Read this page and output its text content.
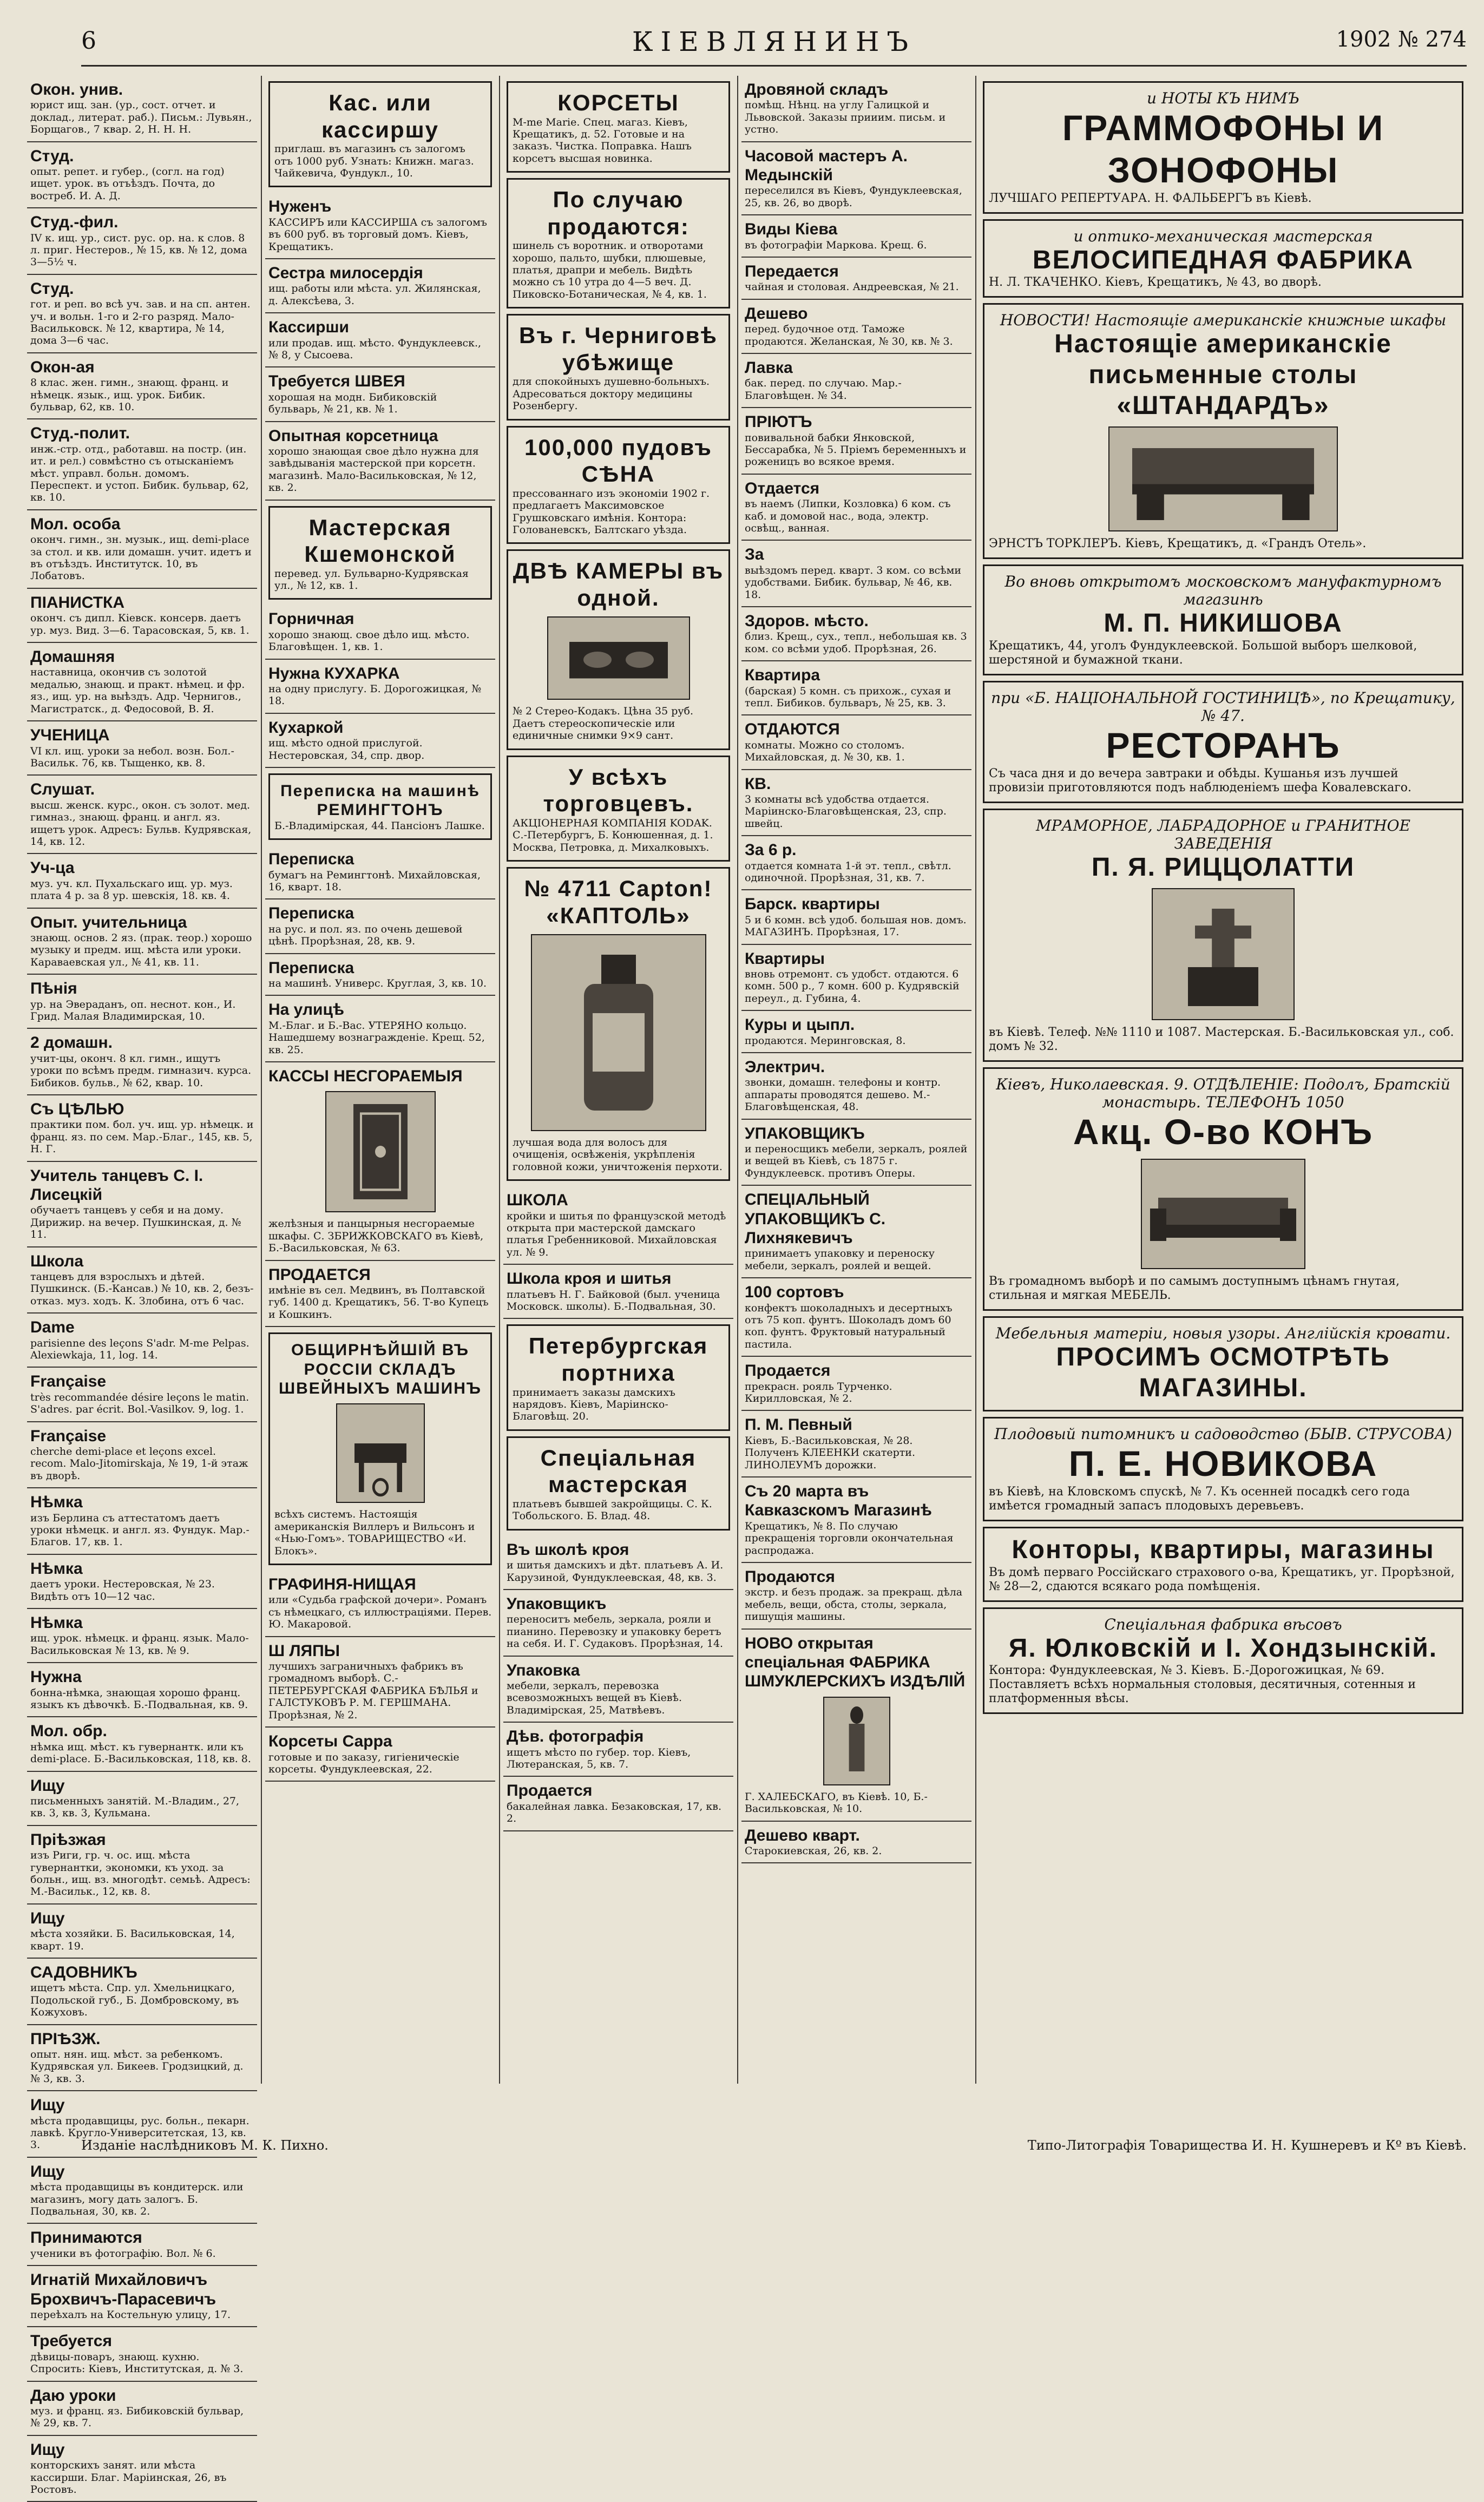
6	КІЕВЛЯНИНЪ	1902 № 274
Окон. унив.
юрист ищ. зан. (ур., сост. отчет. и доклад., литерат. раб.). Письм.: Лувьян., Борщагов., 7 квар. 2, Н. Н. Н.
Студ.
опыт. репет. и губер., (согл. на год) ищет. урок. въ отъѣздъ. Почта, до востреб. И. А. Д.
Студ.-фил.
IV к. ищ. ур., сист. рус. ор. на. к слов. 8 л. приг. Нестеров., № 15, кв. № 12, дома 3—5½ ч.
Студ.
гот. и реп. во всѣ уч. зав. и на сп. антен. уч. и вольн. 1-го и 2-го разряд. Мало-Васильковск. № 12, квартира, № 14, дома 3—6 час.
Окон-ая
8 клас. жен. гимн., знающ. франц. и нѣмецк. язык., ищ. урок. Бибик. бульвар, 62, кв. 10.
Студ.-полит.
инж.-стр. отд., работавш. на постр. (ин. ит. и рел.) совмѣстно съ отысканіемъ мѣст. управл. больн. домомъ. Переспект. и устоп. Бибик. бульвар, 62, кв. 10.
Мол. особа
оконч. гимн., зн. музык., ищ. demi-place за стол. и кв. или домашн. учит. идетъ и въ отъѣздъ. Институтск. 10, въ Лобатовъ.
ПІАНИСТКА
оконч. съ дипл. Кіевск. консерв. даетъ ур. муз. Вид. 3—6. Тарасовская, 5, кв. 1.
Домашняя
наставница, окончив съ золотой медалью, знающ. и практ. нѣмец. и фр. яз., ищ. ур. на выѣздъ. Адр. Чернигов., Магистратск., д. Федосовой, В. Я.
УЧЕНИЦА
VI кл. ищ. уроки за небол. возн. Бол.-Васильк. 76, кв. Тыщенко, кв. 8.
Слушат.
высш. женск. курс., окон. съ золот. мед. гимназ., знающ. франц. и англ. яз. ищетъ урок. Адресъ: Бульв. Кудрявская, 14, кв. 12.
Уч-ца
муз. уч. кл. Пухальскаго ищ. ур. муз. плата 4 р. за 8 ур. шевскія, 18. кв. 4.
Опыт. учительница
знающ. основ. 2 яз. (прак. теор.) хорошо музыку и предм. ищ. мѣста или уроки. Караваевская ул., № 41, кв. 11.
Пѣнія
ур. на Эвераданъ, оп. неснот. кон., И. Грид. Малая Владимирская, 10.
2 домашн.
учит-цы, оконч. 8 кл. гимн., ищутъ уроки по всѣмъ предм. гимназич. курса. Бибиков. бульв., № 62, квар. 10.
Съ ЦѢЛЬЮ
практики пом. бол. уч. ищ. ур. нѣмецк. и франц. яз. по сем. Мар.-Благ., 145, кв. 5, Н. Г.
Учитель танцевъ С. І. Лисецкій
обучаетъ танцевъ у себя и на дому. Дирижир. на вечер. Пушкинская, д. № 11.
Школа
танцевъ для взрослыхъ и дѣтей. Пушкинск. (Б.-Кансав.) № 10, кв. 2, безъ-отказ. муз. ходъ. К. Злобина, отъ 6 час.
Dame
parisienne des leçons S'adr. M-me Pelpas. Alexiewkaja, 11, log. 14.
Française
très recommandée désire leçons le matin. S'adres. par écrit. Bol.-Vasilkov. 9, log. 1.
Française
cherche demi-place et leçons excel. recom. Malo-Jitomirskaja, № 19, 1-й этаж въ дворѣ.
Нѣмка
изъ Берлина съ аттестатомъ даетъ уроки нѣмецк. и англ. яз. Фундук. Мар.-Благов. 17, кв. 1.
Нѣмка
даетъ уроки. Нестеровская, № 23. Видѣть отъ 10—12 час.
Нѣмка
ищ. урок. нѣмецк. и франц. язык. Мало-Васильковская № 13, кв. № 9.
Нужна
бонна-нѣмка, знающая хорошо франц. языкъ къ дѣвочкѣ. Б.-Подвальная, кв. 9.
Мол. обр.
нѣмка ищ. мѣст. къ гувернантк. или къ demi-place. Б.-Васильковская, 118, кв. 8.
Ищу
письменныхъ занятій. М.-Владим., 27, кв. 3, кв. 3, Кульмана.
Прiѣзжая
изъ Риги, гр. ч. ос. ищ. мѣста гувернантки, экономки, къ уход. за больн., ищ. вз. многодѣт. семьѣ. Адресъ: М.-Васильк., 12, кв. 8.
Ищу
мѣста хозяйки. Б. Васильковская, 14, кварт. 19.
САДОВНИКЪ
ищетъ мѣста. Спр. ул. Хмельницкаго, Подольской губ., Б. Домбровскому, въ Кожуховъ.
ПРІѢЗЖ.
опыт. нян. ищ. мѣст. за ребенкомъ. Кудрявская ул. Бикеев. Гродзицкий, д. № 3, кв. 3.
Ищу
мѣста продавщицы, рус. больн., пекарн. лавкѣ. Кругло-Университетская, 13, кв. 3.
Ищу
мѣста продавщицы въ кондитерск. или магазинъ, могу дать залогъ. Б. Подвальная, 30, кв. 2.
Принимаются
ученики въ фотографію. Вол. № 6.
Игнатій Михайловичъ Брохвичъ-Парасевичъ
переѣхалъ на Костельную улицу, 17.
Требуется
дѣвицы-поваръ, знающ. кухню. Спросить: Кіевъ, Институтская, д. № 3.
Даю уроки
муз. и франц. яз. Бибиковскій бульвар, № 29, кв. 7.
Ищу
конторскихъ занят. или мѣста кассирши. Благ. Маріинская, 26, въ Ростовъ.
Кас. или кассиршу
приглаш. въ магазинъ съ залогомъ отъ 1000 руб. Узнать: Книжн. магаз. Чайкевича, Фундукл., 10.
Нуженъ
КАССИРЪ или КАССИРША съ залогомъ въ 600 руб. въ торговый домъ. Кіевъ, Крещатикъ.
Сестра милосердія
ищ. работы или мѣста. ул. Жилянская, д. Алексѣева, 3.
Кассирши
или продав. ищ. мѣсто. Фундуклеевск., № 8, у Сысоева.
Требуется ШВЕЯ
хорошая на модн. Бибиковскій бульварь, № 21, кв. № 1.
Опытная корсетница
хорошо знающая свое дѣло нужна для завѣдыванія мастерской при корсетн. магазинѣ. Мало-Васильковская, № 12, кв. 2.
Мастерская Кшемонской
перевед. ул. Бульварно-Кудрявская ул., № 12, кв. 1.
Горничная
хорошо знающ. свое дѣло ищ. мѣсто. Благовѣщен. 1, кв. 1.
Нужна КУХАРКА
на одну прислугу. Б. Дорогожицкая, № 18.
Кухаркой
ищ. мѣсто одной прислугой. Нестеровская, 34, спр. двор.
Переписка на машинѣ РЕМИНГТОНЪ
Б.-Владимірская, 44. Пансіонъ Лашке.
Переписка
бумагъ на Ремингтонѣ. Михайловская, 16, кварт. 18.
Переписка
на рус. и пол. яз. по очень дешевой цѣнѣ. Прорѣзная, 28, кв. 9.
Переписка
на машинѣ. Универс. Круглая, 3, кв. 10.
На улицѣ
М.-Благ. и Б.-Вас. УТЕРЯНО кольцо. Нашедшему вознагражденіе. Крещ. 52, кв. 25.
КАССЫ НЕСГОРАЕМЫЯ
желѣзныя и панцырныя несгораемые шкафы. С. ЗБРИЖКОВСКАГО въ Кіевѣ, Б.-Васильковская, № 63.
ПРОДАЕТСЯ
имѣніе въ сел. Медвинъ, въ Полтавской губ. 1400 д. Крещатикъ, 56. Т-во Купецъ и Кошкинъ.
ОБЩИРНѢЙШІЙ ВЪ РОССІИ СКЛАДЪ ШВЕЙНЫХЪ МАШИНЪ
всѣхъ системъ. Настоящія американскія Виллеръ и Вильсонъ и «Нью-Гомъ». ТОВАРИЩЕСТВО «И. Блокъ».
ГРАФИНЯ-НИЩАЯ
или «Судьба графской дочери». Романъ съ нѣмецкаго, съ иллюстраціями. Перев. Ю. Макаровой.
Ш ЛЯПЫ
лучшихъ заграничныхъ фабрикъ въ громадномъ выборѣ. С.-ПЕТЕРБУРГСКАЯ ФАБРИКА БѢЛЬЯ и ГАЛСТУКОВЪ Р. М. ГЕРШМАНА. Прорѣзная, № 2.
Корсеты Сарра
готовые и по заказу, гигіеническіе корсеты. Фундуклеевская, 22.
КОРСЕТЫ
M-me Marie. Спец. магаз. Кіевъ, Крещатикъ, д. 52. Готовые и на заказъ. Чистка. Поправка. Нашъ корсетъ высшая новинка.
По случаю продаются:
шинель съ воротник. и отворотами хорошо, пальто, шубки, плюшевые, платья, драпри и мебель. Видѣть можно съ 10 утра до 4—5 веч. Д. Пиковско-Ботаническая, № 4, кв. 1.
Въ г. Черниговѣ убѣжище
для спокойныхъ душевно-больныхъ. Адресоваться доктору медицины Розенбергу.
100,000 пудовъ СѢНА
прессованнаго изъ экономіи 1902 г. предлагаетъ Максимовское Грушковскаго имѣнія. Контора: Голованевскъ, Балтскаго уѣзда.
ДВѢ КАМЕРЫ въ одной.
№ 2 Стерео-Кодакъ. Цѣна 35 руб. Даетъ стереоскопическіе или единичные снимки 9×9 сант.
У всѣхъ торговцевъ.
АКЦІОНЕРНАЯ КОМПАНІЯ KODAK. С.-Петербургъ, Б. Конюшенная, д. 1. Москва, Петровка, д. Михалковыхъ.
№ 4711 Capton! «КАПТОЛЬ»
лучшая вода для волосъ для очищенія, освѣженія, укрѣпленія головной кожи, уничтоженія перхоти.
ШКОЛА
кройки и шитья по французской методѣ открыта при мастерской дамскаго платья Гребенниковой. Михайловская ул. № 9.
Школа кроя и шитья
платьевъ Н. Г. Байковой (был. ученица Московск. школы). Б.-Подвальная, 30.
Петербургская портниха
принимаетъ заказы дамскихъ нарядовъ. Кіевъ, Маріинско-Благовѣщ. 20.
Спеціальная мастерская
платьевъ бывшей закройщицы. С. К. Тобольского. Б. Влад. 48.
Въ школѣ кроя
и шитья дамскихъ и дѣт. платьевъ А. И. Карузиной, Фундуклеевская, 48, кв. 3.
Упаковщикъ
переноситъ мебель, зеркала, рояли и пианино. Перевозку и упаковку беретъ на себя. И. Г. Судаковъ. Прорѣзная, 14.
Упаковка
мебели, зеркалъ, перевозка всевозможныхъ вещей въ Кіевѣ. Владимірская, 25, Матвѣевъ.
Дѣв. фотографія
ищетъ мѣсто по губер. тор. Кіевъ, Лютеранская, 5, кв. 7.
Продается
бакалейная лавка. Безаковская, 17, кв. 2.
Дровяной складъ
помѣщ. Нѣнц. на углу Галицкой и Львовской. Заказы прииим. письм. и устно.
Часовой мастеръ А. Медынскій
переселился въ Кіевъ, Фундуклеевская, 25, кв. 26, во дворѣ.
Виды Кіева
въ фотографіи Маркова. Крещ. 6.
Передается
чайная и столовая. Андреевская, № 21.
Дешево
перед. будочное отд. Таможе продаются. Желанская, № 30, кв. № 3.
Лавка
бак. перед. по случаю. Мар.-Благовѣщен. № 34.
ПРІЮТЪ
повивальной бабки Янковской, Бессарабка, № 5. Пріемъ беременныхъ и роженицъ во всякое время.
Отдается
въ наемъ (Липки, Козловка) 6 ком. съ каб. и домовой нас., вода, электр. освѣщ., ванная.
За
выѣздомъ перед. кварт. 3 ком. со всѣми удобствами. Бибик. бульвар, № 46, кв. 18.
Здоров. мѣсто.
близ. Крещ., сух., тепл., небольшая кв. 3 ком. со всѣми удоб. Прорѣзная, 26.
Квартира
(барская) 5 комн. съ прихож., сухая и тепл. Бибиков. бульваръ, № 25, кв. 3.
ОТДАЮТСЯ
комнаты. Можно со столомъ. Михайловская, д. № 30, кв. 1.
КВ.
3 комнаты всѣ удобства отдается. Маріинско-Благовѣщенская, 23, спр. швейц.
За 6 р.
отдается комната 1-й эт. тепл., свѣтл. одиночной. Прорѣзная, 31, кв. 7.
Барск. квартиры
5 и 6 комн. всѣ удоб. большая нов. домъ. МАГАЗИНЪ. Прорѣзная, 17.
Квартиры
вновь отремонт. съ удобст. отдаются. 6 комн. 500 р., 7 комн. 600 р. Кудрявскій переул., д. Губина, 4.
Куры и цыпл.
продаются. Меринговская, 8.
Электрич.
звонки, домашн. телефоны и контр. аппараты проводятся дешево. М.-Благовѣщенская, 48.
УПАКОВЩИКЪ
и переносщикъ мебели, зеркалъ, роялей и вещей въ Кіевѣ, съ 1875 г. Фундуклеевск. противъ Оперы.
СПЕЦІАЛЬНЫЙ УПАКОВЩИКЪ С. Лихнякевичъ
принимаетъ упаковку и переноску мебели, зеркалъ, роялей и вещей.
100 сортовъ
конфектъ шоколадныхъ и десертныхъ отъ 75 коп. фунтъ. Шоколадъ домъ 60 коп. фунтъ. Фруктовый натуральный пастила.
Продается
прекрасн. рояль Турченко. Кирилловская, № 2.
П. М. Певный
Кіевъ, Б.-Васильковская, № 28. Полученъ КЛЕЕНКИ скатерти. ЛИНОЛЕУМЪ дорожки.
Съ 20 марта въ Кавказскомъ Магазинѣ
Крещатикъ, № 8. По случаю прекращенія торговли окончательная распродажа.
Продаются
экстр. и безъ продаж. за прекращ. дѣла мебель, вещи, обста, столы, зеркала, пишущія машины.
НОВО открытая спеціальная ФАБРИКА ШМУКЛЕРСКИХЪ ИЗДѢЛІЙ
Г. ХАЛЕБСКАГО, въ Кіевѣ. 10, Б.-Васильковская, № 10.
Дешево кварт.
Старокиевская, 26, кв. 2.
и НОТЫ КЪ НИМЪ
ГРАММОФОНЫ И ЗОНОФОНЫ
ЛУЧШАГО РЕПЕРТУАРА. Н. ФАЛЬБЕРГЪ въ Кіевѣ.
и оптико-механическая мастерская
ВЕЛОСИПЕДНАЯ ФАБРИКА
Н. Л. ТКАЧЕНКО. Кіевъ, Крещатикъ, № 43, во дворѣ.
НОВОСТИ! Настоящіе американскіе книжные шкафы
Настоящіе американскіе письменные столы «ШТАНДАРДЪ»
ЭРНСТЪ ТОРКЛЕРЪ. Кіевъ, Крещатикъ, д. «Грандъ Отель».
Во вновь открытомъ московскомъ мануфактурномъ магазинѣ
М. П. НИКИШОВА
Крещатикъ, 44, уголъ Фундуклеевской. Большой выборъ шелковой, шерстяной и бумажной ткани.
при «Б. НАЦІОНАЛЬНОЙ ГОСТИНИЦѢ», по Крещатику, № 47.
РЕСТОРАНЪ
Съ часа дня и до вечера завтраки и обѣды. Кушанья изъ лучшей провизіи приготовляются подъ наблюденіемъ шефа Ковалевскаго.
МРАМОРНОЕ, ЛАБРАДОРНОЕ и ГРАНИТНОЕ ЗАВЕДЕНІЯ
П. Я. РИЦЦОЛАТТИ
въ Кіевѣ. Телеф. №№ 1110 и 1087. Мастерская. Б.-Васильковская ул., соб. домъ № 32.
Кіевъ, Николаевская. 9. ОТДѢЛЕНІЕ: Подолъ, Братскій монастырь. ТЕЛЕФОНЪ 1050
Акц. О-во КОНЪ
Въ громадномъ выборѣ и по самымъ доступнымъ цѣнамъ гнутая, стильная и мягкая МЕБЕЛЬ.
Мебельныя матеріи, новыя узоры. Англійскія кровати.
ПРОСИМЪ ОСМОТРѢТЬ МАГАЗИНЫ.
Плодовый питомникъ и садоводство (БЫВ. СТРУСОВА)
П. Е. НОВИКОВА
въ Кіевѣ, на Кловскомъ спускѣ, № 7. Къ осенней посадкѣ сего года имѣется громадный запасъ плодовыхъ деревьевъ.
Конторы, квартиры, магазины
Въ домѣ перваго Россійскаго страхового о-ва, Крещатикъ, уг. Прорѣзной, № 28—2, сдаются всякаго рода помѣщенія.
Спеціальная фабрика вѣсовъ
Я. Юлковскій и І. Хондзынскій.
Контора: Фундуклеевская, № 3. Кіевъ. Б.-Дорогожицкая, № 69. Поставляетъ всѣхъ нормальныя столовыя, десятичныя, сотенныя и платформенныя вѣсы.
Изданіе наслѣдниковъ М. К. Пихно.	Типо-Литографія Товарищества И. Н. Кушнеревъ и Кº въ Кіевѣ.
